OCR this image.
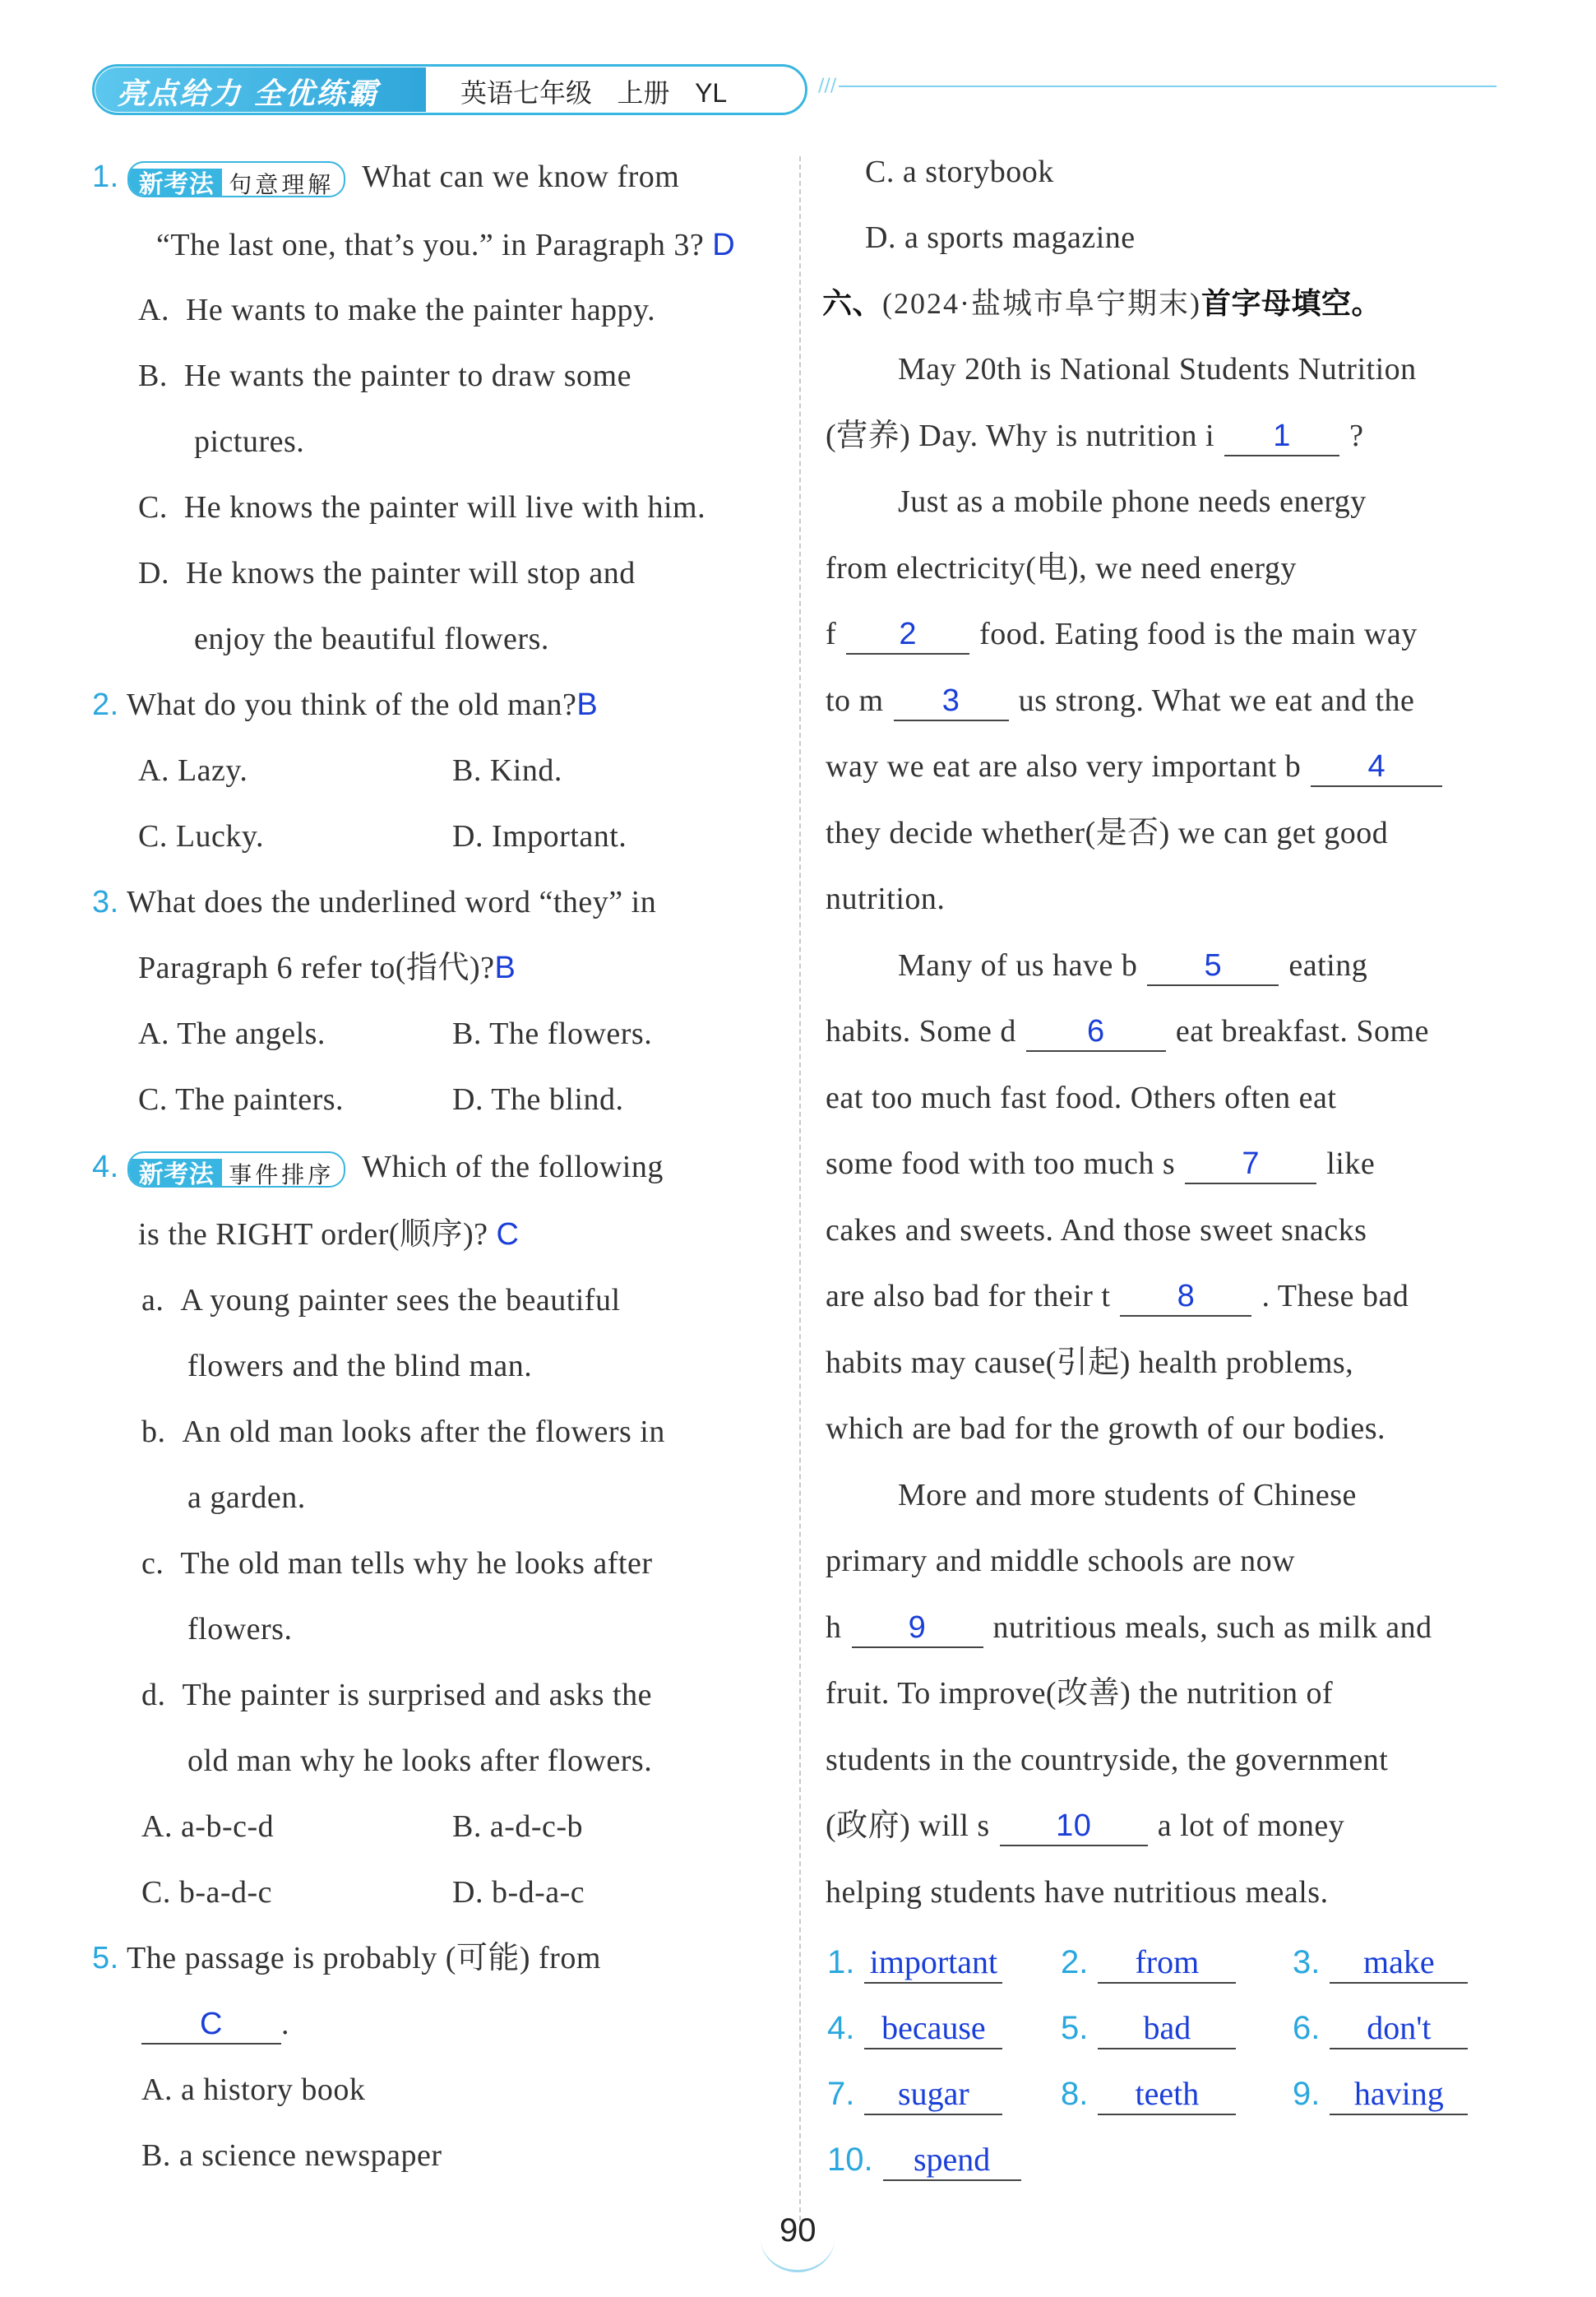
亮点给力 全优练霸	英语七年级 上册 YL	///
1. 新考法 句意理解 What can we know from
“The last one, that’s you.” in Paragraph 3? D
A. He wants to make the painter happy.
B. He wants the painter to draw some
pictures.
C. He knows the painter will live with him.
D. He knows the painter will stop and
enjoy the beautiful flowers.
2. What do you think of the old man?B
A. Lazy.	B. Kind.
C. Lucky.	D. Important.
3. What does the underlined word “they” in
Paragraph 6 refer to(指代)?B
A. The angels.	B. The flowers.
C. The painters.	D. The blind.
4. 新考法 事件排序 Which of the following
is the RIGHT order(顺序)? C
a. A young painter sees the beautiful
flowers and the blind man.
b. An old man looks after the flowers in
a garden.
c. The old man tells why he looks after
flowers.
d. The painter is surprised and asks the
old man why he looks after flowers.
A. a-b-c-d	B. a-d-c-b
C. b-a-d-c	D. b-d-a-c
5. The passage is probably (可能) from
C .
A. a history book
B. a science newspaper
C. a storybook
D. a sports magazine
六、(2024·盐城市阜宁期末)首字母填空。
May 20th is National Students Nutrition
(营养) Day. Why is nutrition i 1 ?
Just as a mobile phone needs energy
from electricity(电), we need energy
f 2 food. Eating food is the main way
to m 3 us strong. What we eat and the
way we eat are also very important b 4
they decide whether(是否) we can get good
nutrition.
Many of us have b 5 eating
habits. Some d 6 eat breakfast. Some
eat too much fast food. Others often eat
some food with too much s 7 like
cakes and sweets. And those sweet snacks
are also bad for their t 8 . These bad
habits may cause(引起) health problems,
which are bad for the growth of our bodies.
More and more students of Chinese
primary and middle schools are now
h 9 nutritious meals, such as milk and
fruit. To improve(改善) the nutrition of
students in the countryside, the government
(政府) will s 10 a lot of money
helping students have nutritious meals.
1. important 2. from	3. make
4. because	5. bad	6. don't
7. sugar	8. teeth	9. having
10. spend
90
